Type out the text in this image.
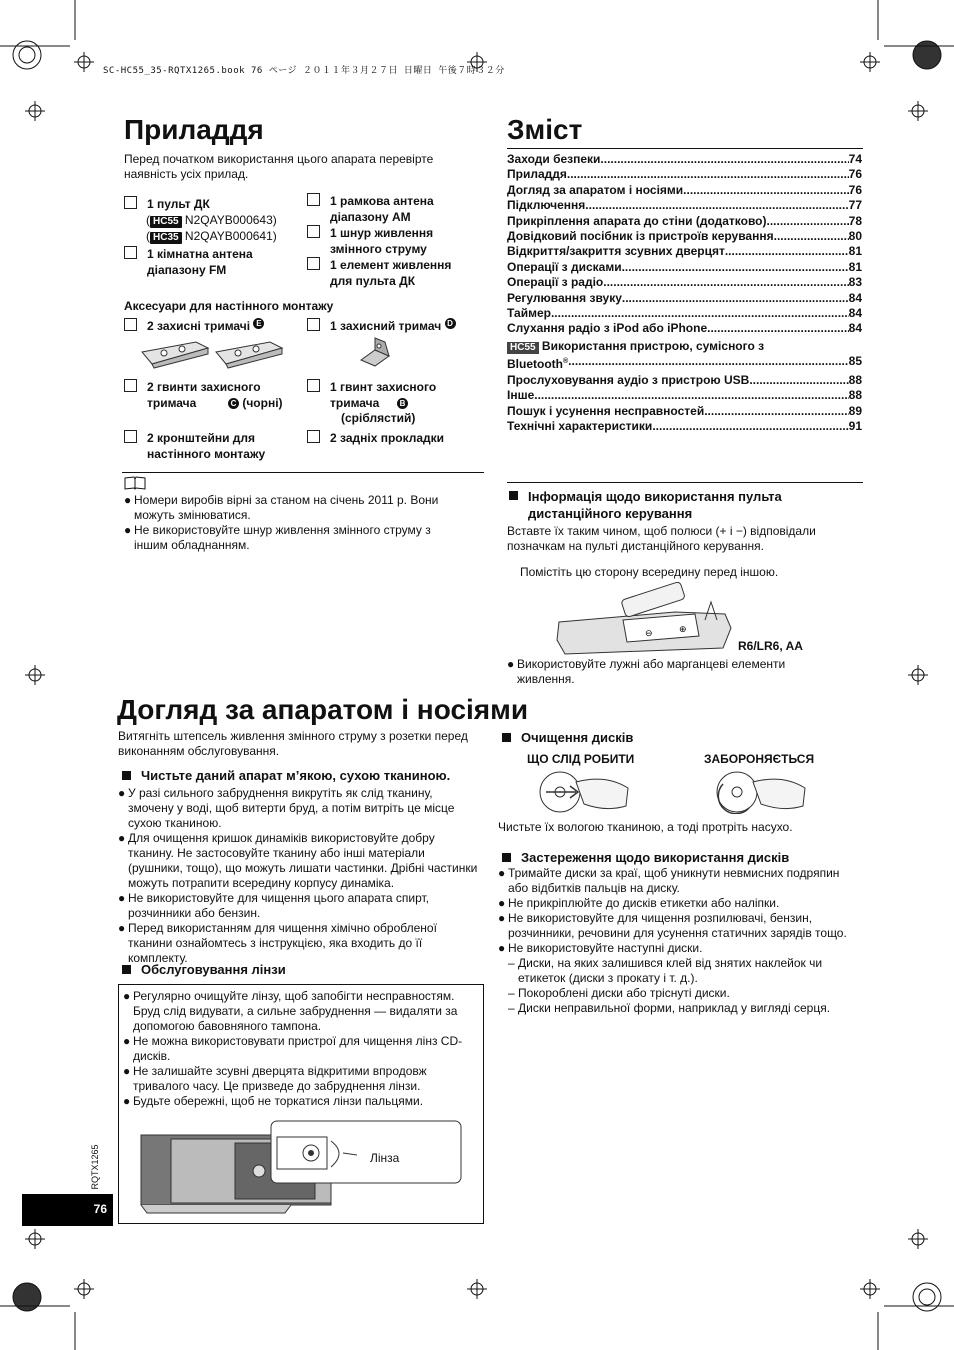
SC-HC55_35-RQTX1265.book 76 ページ ２０１１年３月２７日 日曜日 午後７時３２分
Приладдя
Перед початком використання цього апарата перевірте наявність усіх прилад.
1 пульт ДК
( HC55 N2QAYB000643)
( HC35 N2QAYB000641)
1 кімнатна антена
діапазону FM
1 рамкова антена
діапазону AM
1 шнур живлення
змінного струму
1 елемент живлення
для пульта ДК
Аксесуари для настінного монтажу
2 захисні тримачі
E	1 захисний тримач
D
2 гвинти захисного
тримача	C (чорні)
1 гвинт захисного
тримача	B
(сріблястий)
2 кронштейни для
настінного монтажу
2 задніх прокладки
● Номери виробів вірні за станом на січень 2011 р. Вони можуть змінюватися.
● Не використовуйте шнур живлення змінного струму з іншим обладнанням.
Зміст
Заходи безпеки .....	74
Приладдя .....	76
Догляд за апаратом і носіями .....	76
Підключення .....	77
Прикріплення апарата до стіни (додатково) .....	78
Довідковий посібник із пристроїв керування .....	80
Відкриття/закриття зсувних дверцят .....	81
Операції з дисками .....	81
Операції з радіо .....	83
Регулювання звуку .....	84
Таймер .....	84
Слухання радіо з iPod або iPhone .....	84
HC55 Використання пристрою, сумісного з
Bluetooth® .....	85
Прослуховування аудіо з пристрою USB .....	88
Інше .....	88
Пошук і усунення несправностей .....	89
Технічні характеристики .....	91
Інформація щодо використання пульта дистанційного керування
Вставте їх таким чином, щоб полюси (+ і −) відповідали позначкам на пульті дистанційного керування.
Помістіть цю сторону всередину перед іншою.
⊖	⊕
R6/LR6, AA
● Використовуйте лужні або марганцеві елементи живлення.
Догляд за апаратом і носіями
Витягніть штепсель живлення змінного струму з розетки перед виконанням обслуговування.
Чистьте даний апарат м’якою, сухою тканиною.
● У разі сильного забруднення викрутіть як слід тканину, змочену у воді, щоб витерти бруд, а потім витріть це місце сухою тканиною.
● Для очищення кришок динаміків використовуйте добру тканину. Не застосовуйте тканину або інші матеріали (рушники, тощо), що можуть лишати частинки. Дрібні частинки можуть потрапити всередину корпусу динаміка.
● Не використовуйте для чищення цього апарата спирт, розчинники або бензин.
● Перед використанням для чищення хімічно обробленої тканини ознайомтесь з інструкцією, яка входить до її комплекту.
Обслуговування лінзи
● Регулярно очищуйте лінзу, щоб запобігти несправностям. Бруд слід видувати, а сильне забруднення — видаляти за допомогою бавовняного тампона.
● Не можна використовувати пристрої для чищення лінз CD-дисків.
● Не залишайте зсувні дверцята відкритими впродовж тривалого часу. Це призведе до забруднення лінзи.
● Будьте обережні, щоб не торкатися лінзи пальцями.
Лінза
Очищення дисків
ЩО СЛІД РОБИТИ	ЗАБОРОНЯЄТЬСЯ
Чистьте їх вологою тканиною, а тоді протріть насухо.
Застереження щодо використання дисків
● Тримайте диски за краї, щоб уникнути невмисних подряпин або відбитків пальців на диску.
● Не прикріплюйте до дисків етикетки або наліпки.
● Не використовуйте для чищення розпилювачі, бензин, розчинники, речовини для усунення статичних зарядів тощо.
● Не використовуйте наступні диски.
– Диски, на яких залишився клей від знятих наклейок чи етикеток (диски з прокату і т. д.).
– Покоробленi диски або трiснутi диски.
– Диски неправильної форми, наприклад у вигляді серця.
RQTX1265
76
